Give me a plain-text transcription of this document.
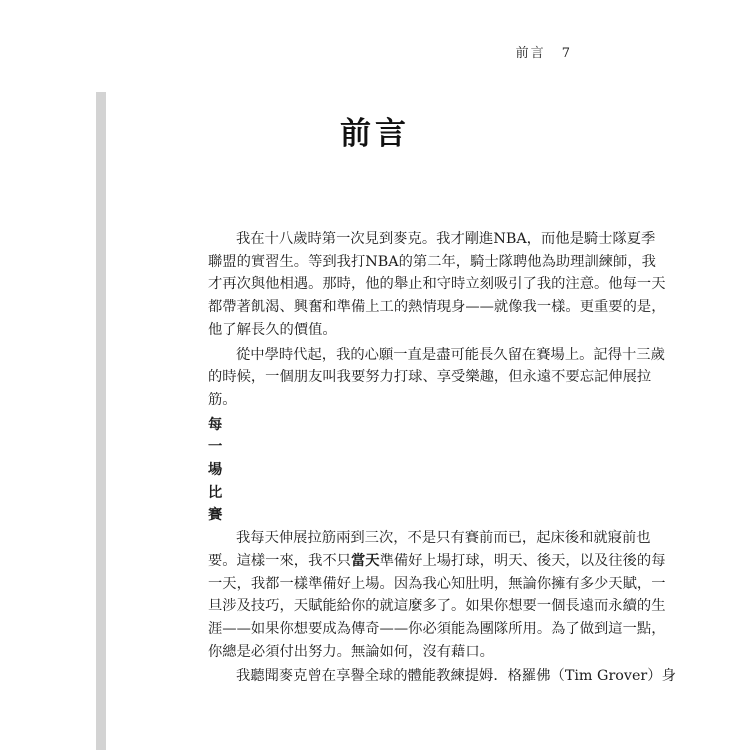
前言 7
前言
我在十八歲時第一次見到麥克。我才剛進NBA，而他是騎士隊夏季
聯盟的實習生。等到我打NBA的第二年，騎士隊聘他為助理訓練師，我
才再次與他相遇。那時，他的舉止和守時立刻吸引了我的注意。他每一天
都帶著飢渴、興奮和準備上工的熱情現身——就像我一樣。更重要的是，
他了解長久的價值。
從中學時代起，我的心願一直是盡可能長久留在賽場上。記得十三歲
的時候，一個朋友叫我要努力打球、享受樂趣，但永遠不要忘記伸展拉
筋。
每
一
場
比
賽
我每天伸展拉筋兩到三次，不是只有賽前而已，起床後和就寢前也
要。這樣一來，我不只當天準備好上場打球，明天、後天，以及往後的每
一天，我都一樣準備好上場。因為我心知肚明，無論你擁有多少天賦，一
旦涉及技巧，天賦能給你的就這麼多了。如果你想要一個長遠而永續的生
涯——如果你想要成為傳奇——你必須能為團隊所用。為了做到這一點，
你總是必須付出努力。無論如何，沒有藉口。
我聽聞麥克曾在享譽全球的體能教練提姆．格羅佛（Tim Grover）身
